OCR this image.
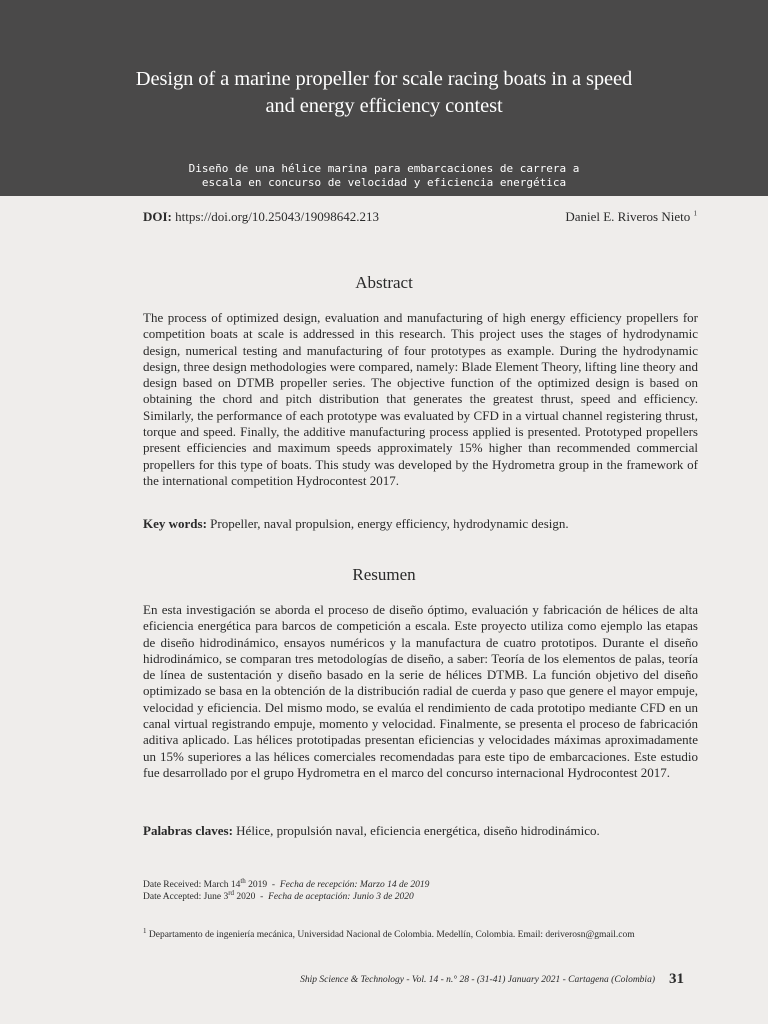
Design of a marine propeller for scale racing boats in a speed and energy efficiency contest
Diseño de una hélice marina para embarcaciones de carrera a escala en concurso de velocidad y eficiencia energética
DOI: https://doi.org/10.25043/19098642.213	Daniel E. Riveros Nieto $^1$
Abstract

The process of optimized design, evaluation and manufacturing of high energy efficiency propellers for competition boats at scale is addressed in this research. This project uses the stages of hydrodynamic design, numerical testing and manufacturing of four prototypes as example. During the hydrodynamic design, three design methodologies were compared, namely: Blade Element Theory, lifting line theory and design based on DTMB propeller series. The objective function of the optimized design is based on obtaining the chord and pitch distribution that generates the greatest thrust, speed and efficiency. Similarly, the performance of each prototype was evaluated by CFD in a virtual channel registering thrust, torque and speed. Finally, the additive manufacturing process applied is presented. Prototyped propellers present efficiencies and maximum speeds approximately 15% higher than recommended commercial propellers for this type of boats. This study was developed by the Hydrometra group in the framework of the international competition Hydrocontest 2017.

Key words: Propeller, naval propulsion, energy efficiency, hydrodynamic design.
Resumen

En esta investigación se aborda el proceso de diseño óptimo, evaluación y fabricación de hélices de alta eficiencia energética para barcos de competición a escala. Este proyecto utiliza como ejemplo las etapas de diseño hidrodinámico, ensayos numéricos y la manufactura de cuatro prototipos. Durante el diseño hidrodinámico, se comparan tres metodologías de diseño, a saber: Teoría de los elementos de palas, teoría de línea de sustentación y diseño basado en la serie de hélices DTMB. La función objetivo del diseño optimizado se basa en la obtención de la distribución radial de cuerda y paso que genere el mayor empuje, velocidad y eficiencia. Del mismo modo, se evalúa el rendimiento de cada prototipo mediante CFD en un canal virtual registrando empuje, momento y velocidad. Finalmente, se presenta el proceso de fabricación aditiva aplicado. Las hélices prototipadas presentan eficiencias y velocidades máximas aproximadamente un 15% superiores a las hélices comerciales recomendadas para este tipo de embarcaciones. Este estudio fue desarrollado por el grupo Hydrometra en el marco del concurso internacional Hydrocontest 2017.

Palabras claves: Hélice, propulsión naval, eficiencia energética, diseño hidrodinámico.
Date Received: March 14th 2019 - Fecha de recepción: Marzo 14 de 2019
Date Accepted: June 3rd 2020 - Fecha de aceptación: Junio 3 de 2020
$^1$ Departamento de ingeniería mecánica, Universidad Nacional de Colombia. Medellín, Colombia. Email: deriverosn@gmail.com
Ship Science & Technology - Vol. 14 - n.° 28 - (31-41) January 2021 - Cartagena (Colombia) 31
